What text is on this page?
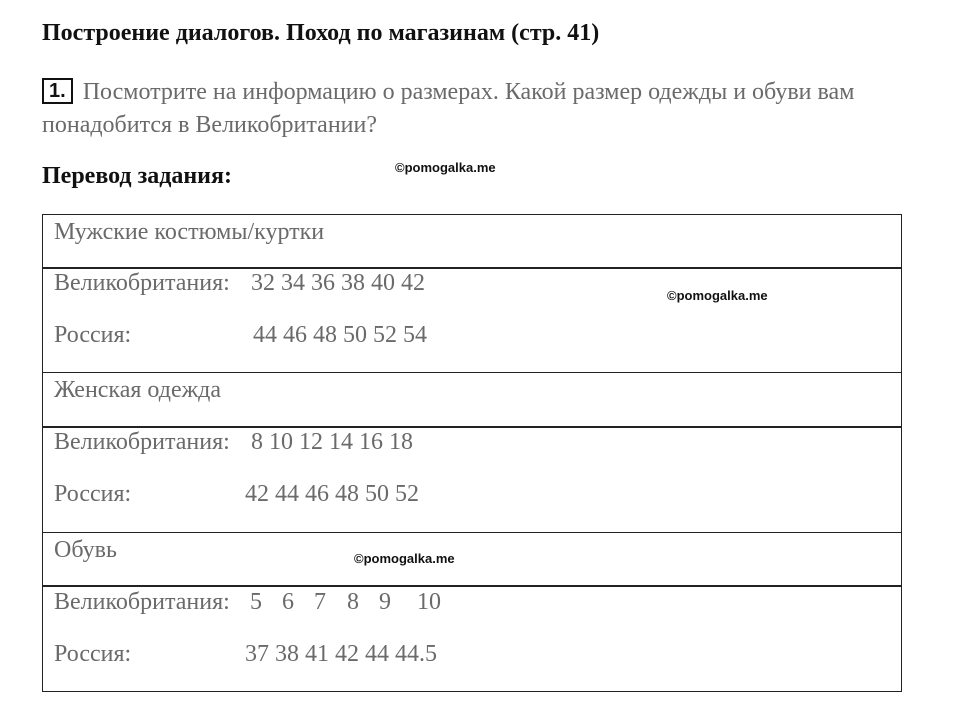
Построение диалогов. Поход по магазинам (стр. 41)
1. Посмотрите на информацию о размерах. Какой размер одежды и обуви вам понадобится в Великобритании?
Перевод задания:	©pomogalka.me
©pomogalka.me
©pomogalka.me
Мужские костюмы/куртки
Великобритания: 32 34 36 38 40 42
Россия:	44 46 48 50 52 54
Женская одежда
Великобритания: 8 10 12 14 16 18
Россия:	42 44 46 48 50 52
Обувь
Великобритания: 5 6 7 8 9 10
Россия:	37 38 41 42 44 44.5
